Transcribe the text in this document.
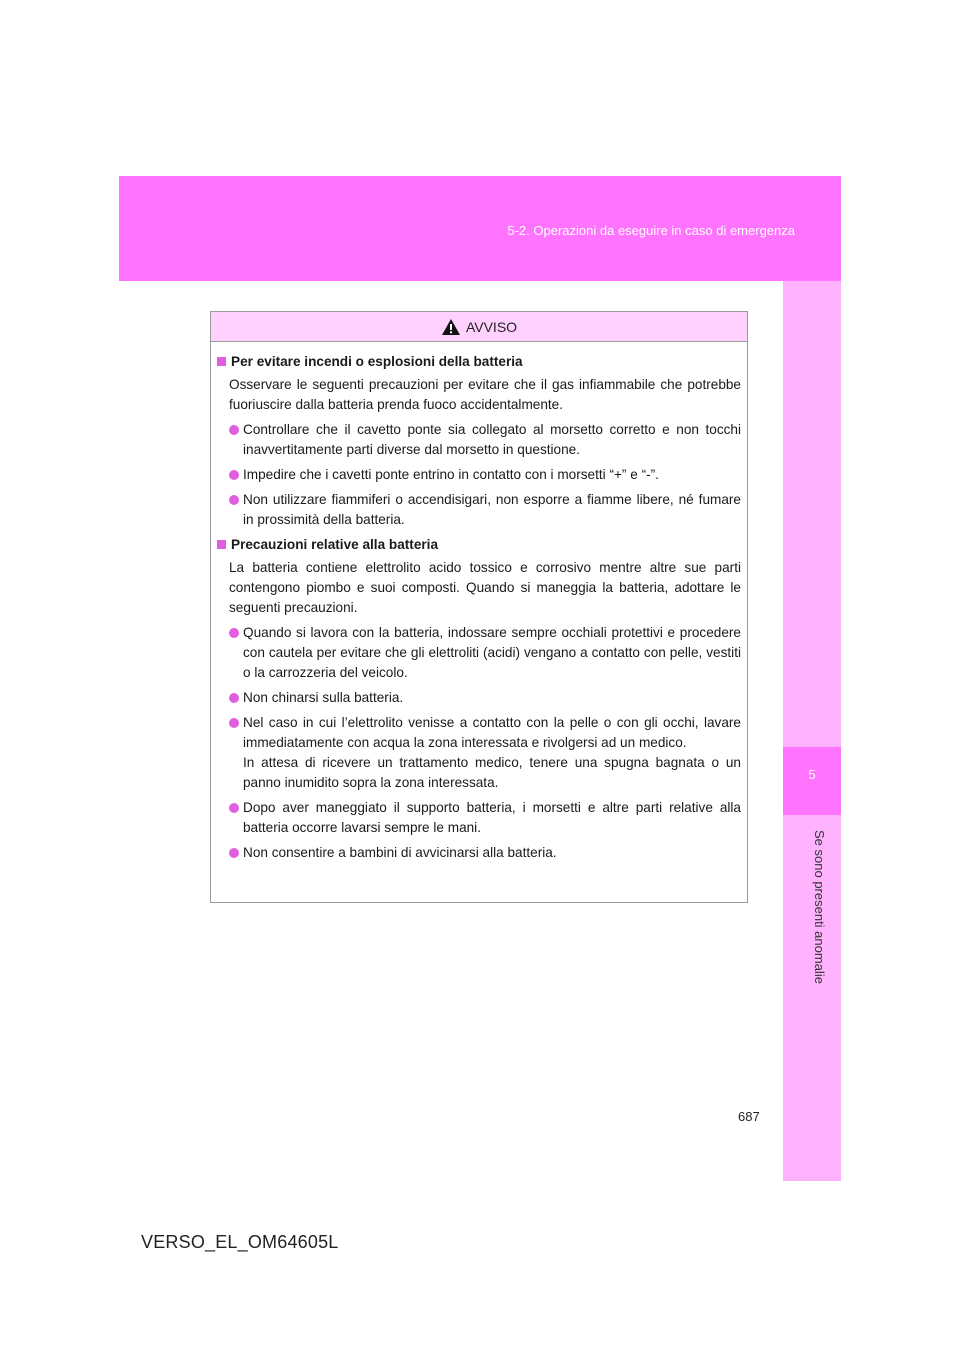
5-2. Operazioni da eseguire in caso di emergenza
5
Se sono presenti anomalie
AVVISO
Per evitare incendi o esplosioni della batteria
Osservare le seguenti precauzioni per evitare che il gas infiammabile che potrebbe fuoriuscire dalla batteria prenda fuoco accidentalmente.
Controllare che il cavetto ponte sia collegato al morsetto corretto e non tocchi inavvertitamente parti diverse dal morsetto in questione.
Impedire che i cavetti ponte entrino in contatto con i morsetti “+” e “-”.
Non utilizzare fiammiferi o accendisigari, non esporre a fiamme libere, né fumare in prossimità della batteria.
Precauzioni relative alla batteria
La batteria contiene elettrolito acido tossico e corrosivo mentre altre sue parti contengono piombo e suoi composti. Quando si maneggia la batteria, adottare le seguenti precauzioni.
Quando si lavora con la batteria, indossare sempre occhiali protettivi e procedere con cautela per evitare che gli elettroliti (acidi) vengano a contatto con pelle, vestiti o la carrozzeria del veicolo.
Non chinarsi sulla batteria.
Nel caso in cui l’elettrolito venisse a contatto con la pelle o con gli occhi, lavare immediatamente con acqua la zona interessata e rivolgersi ad un medico.
In attesa di ricevere un trattamento medico, tenere una spugna bagnata o un panno inumidito sopra la zona interessata.
Dopo aver maneggiato il supporto batteria, i morsetti e altre parti relative alla batteria occorre lavarsi sempre le mani.
Non consentire a bambini di avvicinarsi alla batteria.
687
VERSO_EL_OM64605L
